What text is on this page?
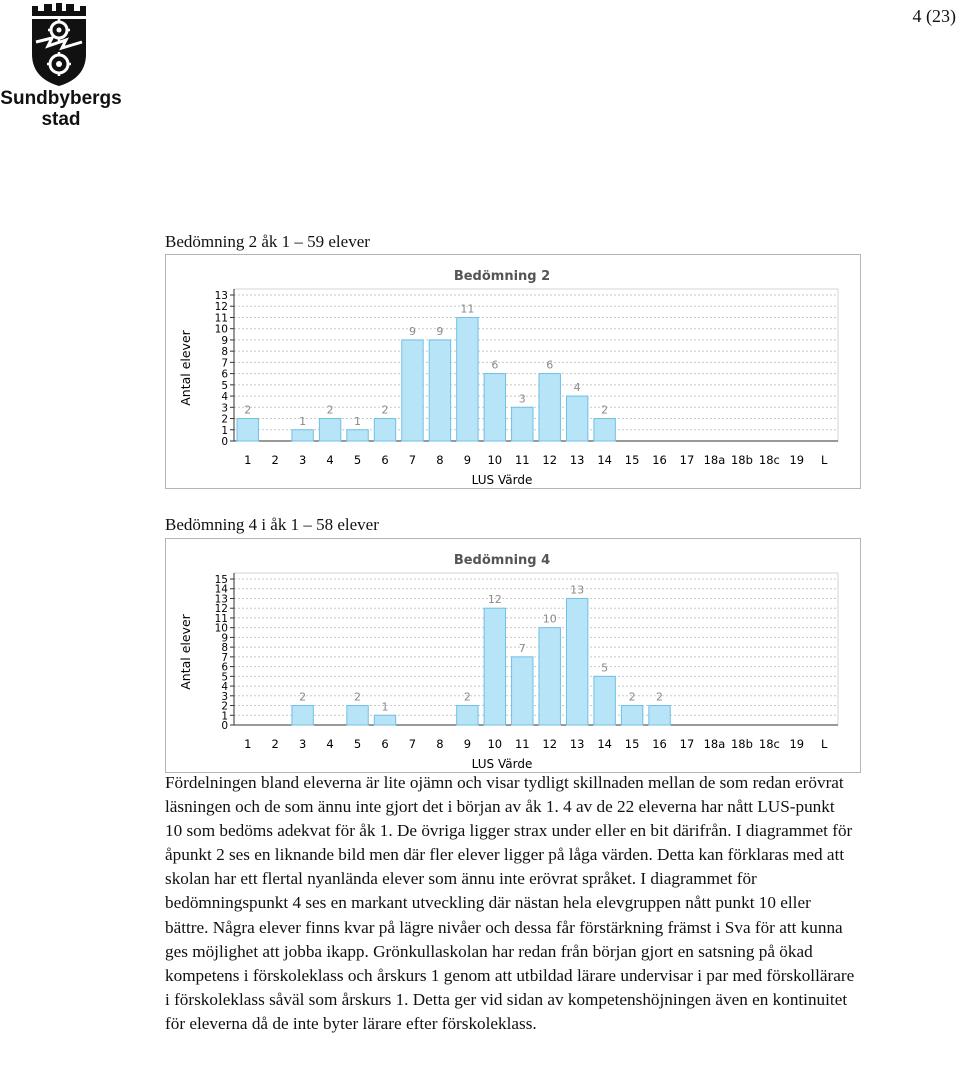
Sundbybergs
stad
4 (23)
Bedömning 2 åk 1 – 59 elever
0
1
2
3
4
5
6
7
8
9
10
11
12
13
Bedömning 2
Antal elever
LUS Värde
1
2
2 3
1
4
2
5
1
6
2
7
9
8
9
9
11
10
6
11
3
12
6
13
4
14
2
15 16 17 18a 18b 18c 19 L
Bedömning 4 i åk 1 – 58 elever
0
1
2
3
4
5
6
7
8
9
10
11
12
13
14
15
Bedömning 4
Antal elever
LUS Värde
1 2 3
2
4 5
2
6
1
7 8 9
2
10
12
11
7
12
10
13
13
14
5
15
2
16
2
17 18a 18b 18c 19 L
Fördelningen bland eleverna är lite ojämn och visar tydligt skillnaden mellan de som redan erövrat läsningen och de som ännu inte gjort det i början av åk 1. 4 av de 22 eleverna har nått LUS-punkt 10 som bedöms adekvat för åk 1. De övriga ligger strax under eller en bit därifrån. I diagrammet för åpunkt 2 ses en liknande bild men där fler elever ligger på låga värden. Detta kan förklaras med att skolan har ett flertal nyanlända elever som ännu inte erövrat språket. I diagrammet för bedömningspunkt 4 ses en markant utveckling där nästan hela elevgruppen nått punkt 10 eller bättre. Några elever finns kvar på lägre nivåer och dessa får förstärkning främst i Sva för att kunna ges möjlighet att jobba ikapp. Grönkullaskolan har redan från början gjort en satsning på ökad kompetens i förskoleklass och årskurs 1 genom att utbildad lärare undervisar i par med förskollärare i förskoleklass såväl som årskurs 1. Detta ger vid sidan av kompetenshöjningen även en kontinuitet för eleverna då de inte byter lärare efter förskoleklass.
